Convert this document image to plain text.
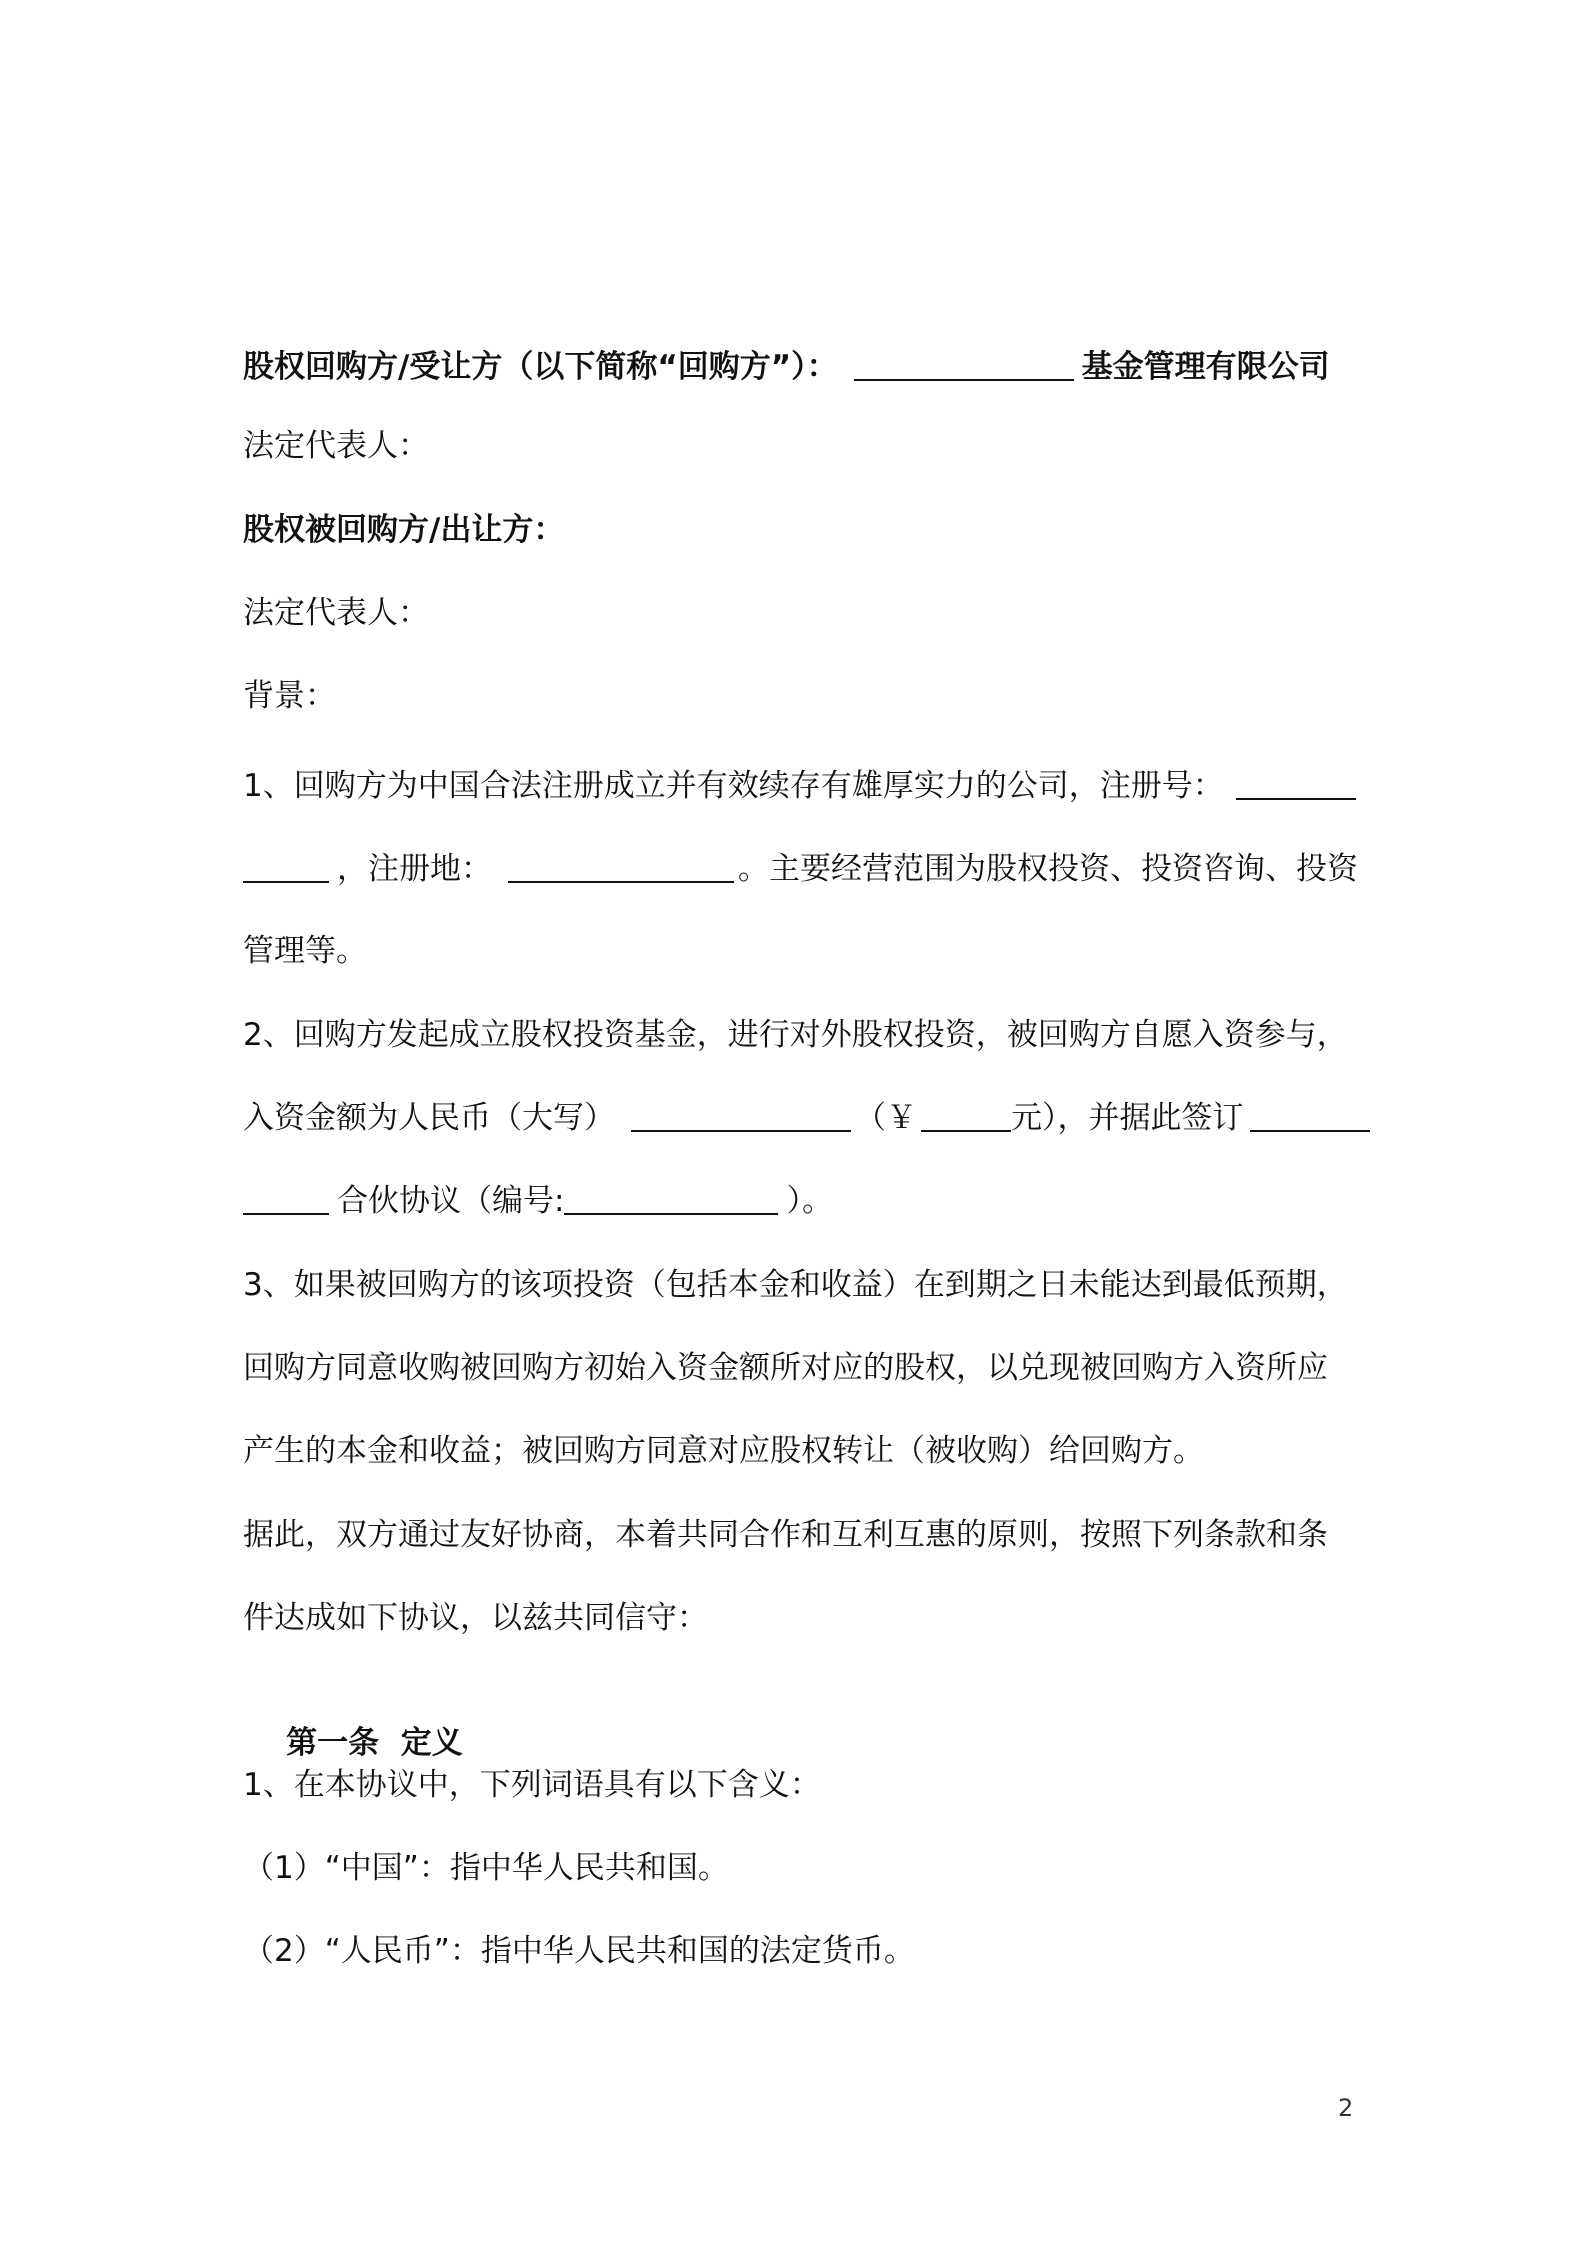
股权回购方/受让方（以下简称“回购方”）：	基金管理有限公司
法定代表人：
股权被回购方/出让方：
法定代表人：
背景：
1、回购方为中国合法注册成立并有效续存有雄厚实力的公司，注册号：
，注册地：	。主要经营范围为股权投资、投资咨询、投资
管理等。
2、回购方发起成立股权投资基金，进行对外股权投资，被回购方自愿入资参与，
入资金额为人民币（大写）	（￥	元），并据此签订
合伙协议（编号:	）。
3、如果被回购方的该项投资（包括本金和收益）在到期之日未能达到最低预期，
回购方同意收购被回购方初始入资金额所对应的股权，以兑现被回购方入资所应
产生的本金和收益；被回购方同意对应股权转让（被收购）给回购方。
据此，双方通过友好协商，本着共同合作和互利互惠的原则，按照下列条款和条
件达成如下协议，以兹共同信守：

第一条  定义

1、在本协议中，下列词语具有以下含义：
（1）“中国”：指中华人民共和国。
（2）“人民币”：指中华人民共和国的法定货币。
2
